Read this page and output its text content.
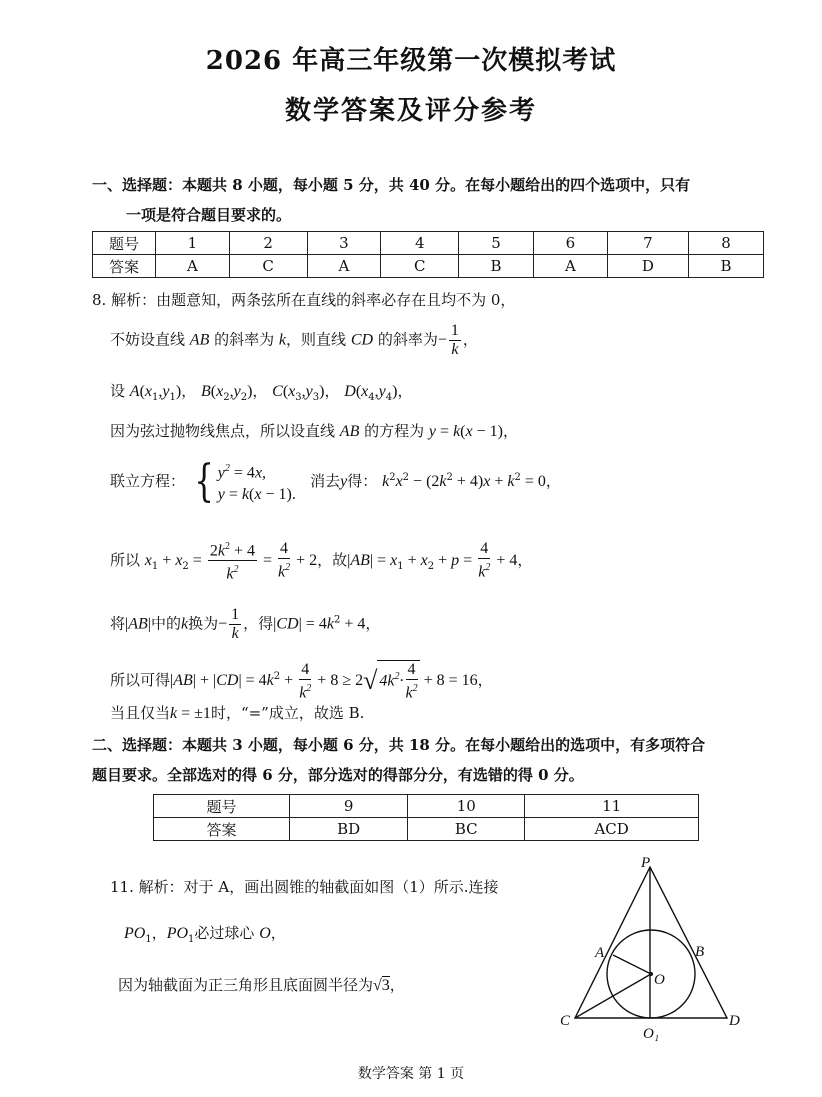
2026 年高三年级第一次模拟考试
数学答案及评分参考
一、选择题：本题共 8 小题，每小题 5 分，共 40 分。在每小题给出的四个选项中，只有
一项是符合题目要求的。
题号	1	2	3	4	5	6	7	8
答案	A	C	A	C	B	A	D	B
8. 解析：由题意知，两条弦所在直线的斜率必存在且均不为 0，
不妨设直线 AB 的斜率为 k，则直线 CD 的斜率为− $\frac{1}{k}$ ，
设 $A(x_1,y_1)$， $B(x_2,y_2)$， $C(x_3,y_3)$， $D(x_4,y_4)$，
因为弦过抛物线焦点，所以设直线 AB 的方程为 y = k(x − 1)，
联立方程： { $y^2 = 4x$,
y = k(x − 1).
消去y得： $k^2x^2 - (2k^2 + 4)x + k^2 = 0$，
所以 $x_1 + x_2 = \frac{2k^2 + 4}{k^2} = \frac{4}{k^2} + 2$，故$|AB| = x_1 + x_2 + p = \frac{4}{k^2} + 4$，
将|AB|中的k换为− $\frac{1}{k}$ ，得$|CD| = 4k^2 + 4$，
所以可得$|AB| + |CD| = 4k^2 + \frac{4}{k^2} + 8 \ge 2√$ $4k^2\cdot \frac{4}{k^2} + 8 = 16$，
当且仅当k = ±1时，“=”成立，故选 B.
二、选择题：本题共 3 小题，每小题 6 分，共 18 分。在每小题给出的选项中，有多项符合
题目要求。全部选对的得 6 分，部分选对的得部分分，有选错的得 0 分。
题号	9	10	11
答案	BD	BC	ACD
11. 解析：对于 A，画出圆锥的轴截面如图（1）所示.连接
$PO_1$，$PO_1$必过球心 O，
因为轴截面为正三角形且底面圆半径为√3，
P
A	B
O
C	D
O₁
数学答案 第 1 页
